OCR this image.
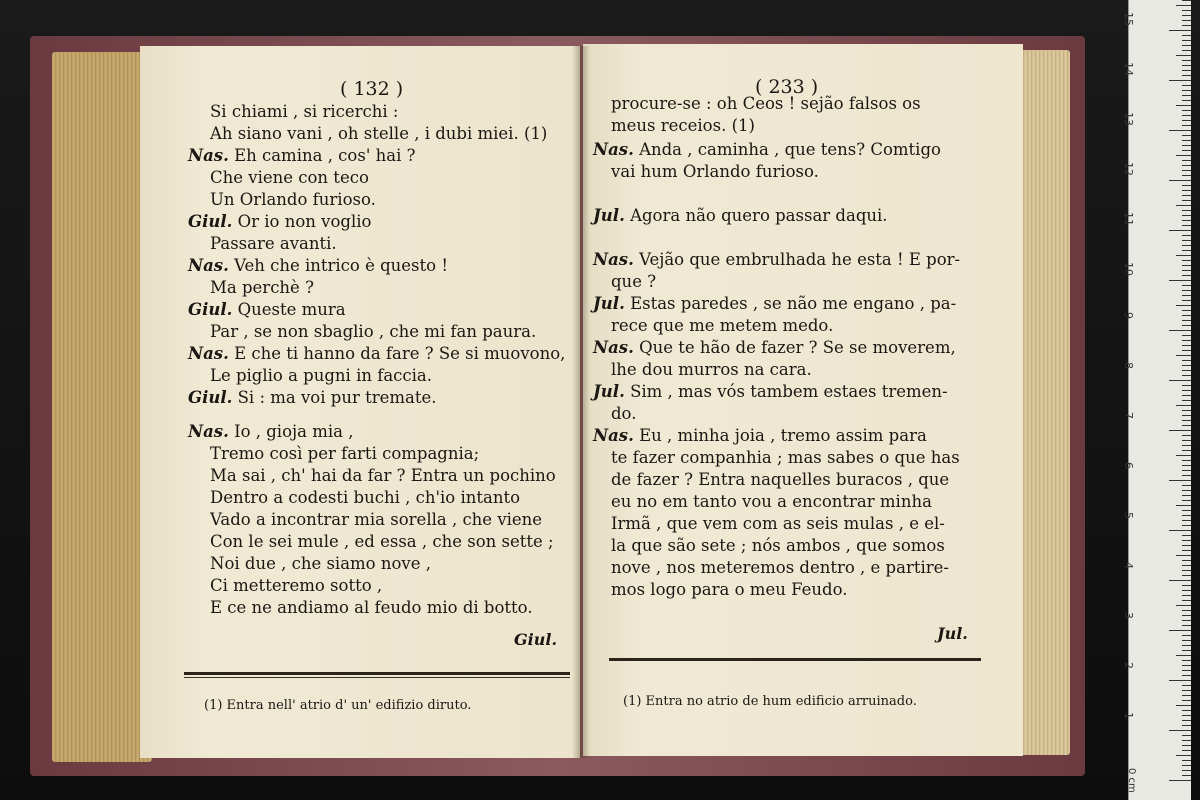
( 132 )
Si chiami , si ricerchi :
Ah siano vani , oh stelle , i dubi miei. (1)
Nas. Eh camina , cos' hai ?
Che viene con teco
Un Orlando furioso.
Giul. Or io non voglio
Passare avanti.
Nas. Veh che intrico è questo !
Ma perchè ?
Giul. Queste mura
Par , se non sbaglio , che mi fan paura.
Nas. E che ti hanno da fare ? Se si muovono,
Le piglio a pugni in faccia.
Giul. Si : ma voi pur tremate.
Nas. Io , gioja mia ,
Tremo così per farti compagnia;
Ma sai , ch' hai da far ? Entra un pochino
Dentro a codesti buchi , ch'io intanto
Vado a incontrar mia sorella , che viene
Con le sei mule , ed essa , che son sette ;
Noi due , che siamo nove ,
Ci metteremo sotto ,
E ce ne andiamo al feudo mio di botto.
Giul.
(1) Entra nell' atrio d' un' edifizio diruto.
( 233 )
procure-se : oh Ceos ! sejão falsos os
meus receios. (1)
Nas. Anda , caminha , que tens? Comtigo
vai hum Orlando furioso.
Jul. Agora não quero passar daqui.
Nas. Vejão que embrulhada he esta ! E por-
que ?
Jul. Estas paredes , se não me engano , pa-
rece que me metem medo.
Nas. Que te hão de fazer ? Se se moverem,
lhe dou murros na cara.
Jul. Sim , mas vós tambem estaes tremen-
do.
Nas. Eu , minha joia , tremo assim para
te fazer companhia ; mas sabes o que has
de fazer ? Entra naquelles buracos , que
eu no em tanto vou a encontrar minha
Irmã , que vem com as seis mulas , e el-
la que são sete ; nós ambos , que somos
nove , nos meteremos dentro , e partire-
mos logo para o meu Feudo.
Jul.
(1) Entra no atrio de hum edificio arruinado.
1
2
3
4
5
6
7
8
9
10
11
12
13
14
15
0 cm
